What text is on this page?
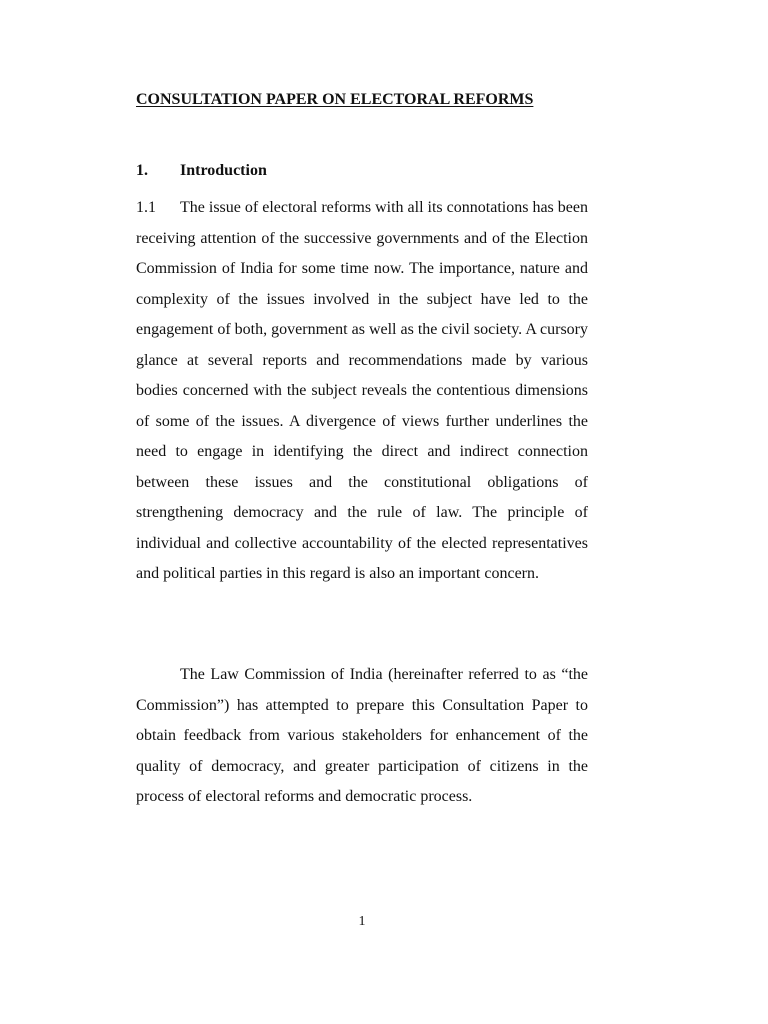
CONSULTATION PAPER ON ELECTORAL REFORMS
1. Introduction

1.1 The issue of electoral reforms with all its connotations has been receiving attention of the successive governments and of the Election Commission of India for some time now. The importance, nature and complexity of the issues involved in the subject have led to the engagement of both, government as well as the civil society. A cursory glance at several reports and recommendations made by various bodies concerned with the subject reveals the contentious dimensions of some of the issues. A divergence of views further underlines the need to engage in identifying the direct and indirect connection between these issues and the constitutional obligations of strengthening democracy and the rule of law. The principle of individual and collective accountability of the elected representatives and political parties in this regard is also an important concern.

The Law Commission of India (hereinafter referred to as “the Commission”) has attempted to prepare this Consultation Paper to obtain feedback from various stakeholders for enhancement of the quality of democracy, and greater participation of citizens in the process of electoral reforms and democratic process.

1
